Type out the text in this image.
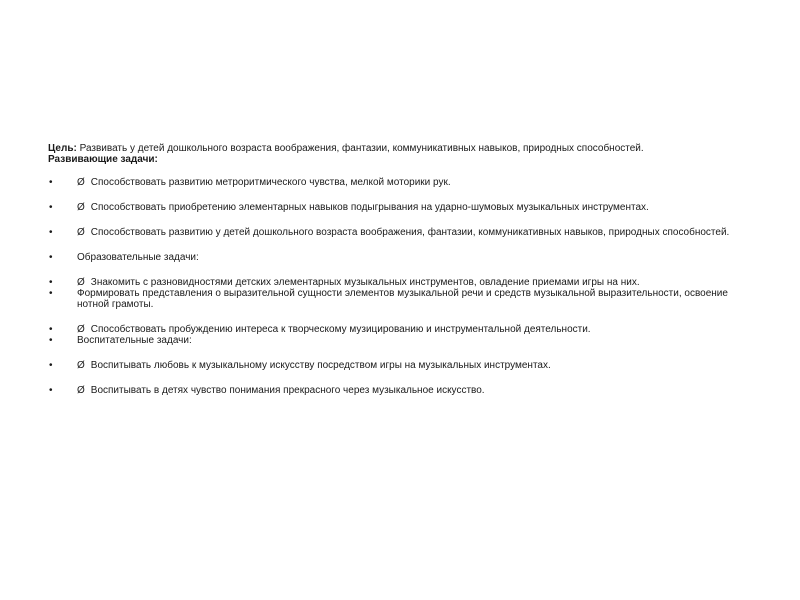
Цель: Развивать у детей дошкольного возраста воображения, фантазии, коммуникативных навыков, природных способностей.

Развивающие задачи:

•	Ø Способствовать развитию метроритмического чувства, мелкой моторики рук.
•	Ø Способствовать приобретению элементарных навыков подыгрывания на ударно-шумовых музыкальных инструментах.
•	Ø Способствовать развитию у детей дошкольного возраста воображения, фантазии, коммуникативных навыков, природных способностей.
•	Образовательные задачи:
•	Ø Знакомить с разновидностями детских элементарных музыкальных инструментов, овладение приемами игры на них.
•	Формировать представления о выразительной сущности элементов музыкальной речи и средств музыкальной выразительности, освоение нотной грамоты.
•	Ø Способствовать пробуждению интереса к творческому музицированию и инструментальной деятельности.
•	Воспитательные задачи:
•	Ø Воспитывать любовь к музыкальному искусству посредством игры на музыкальных инструментах.
•	Ø Воспитывать в детях чувство понимания прекрасного через музыкальное искусство.
